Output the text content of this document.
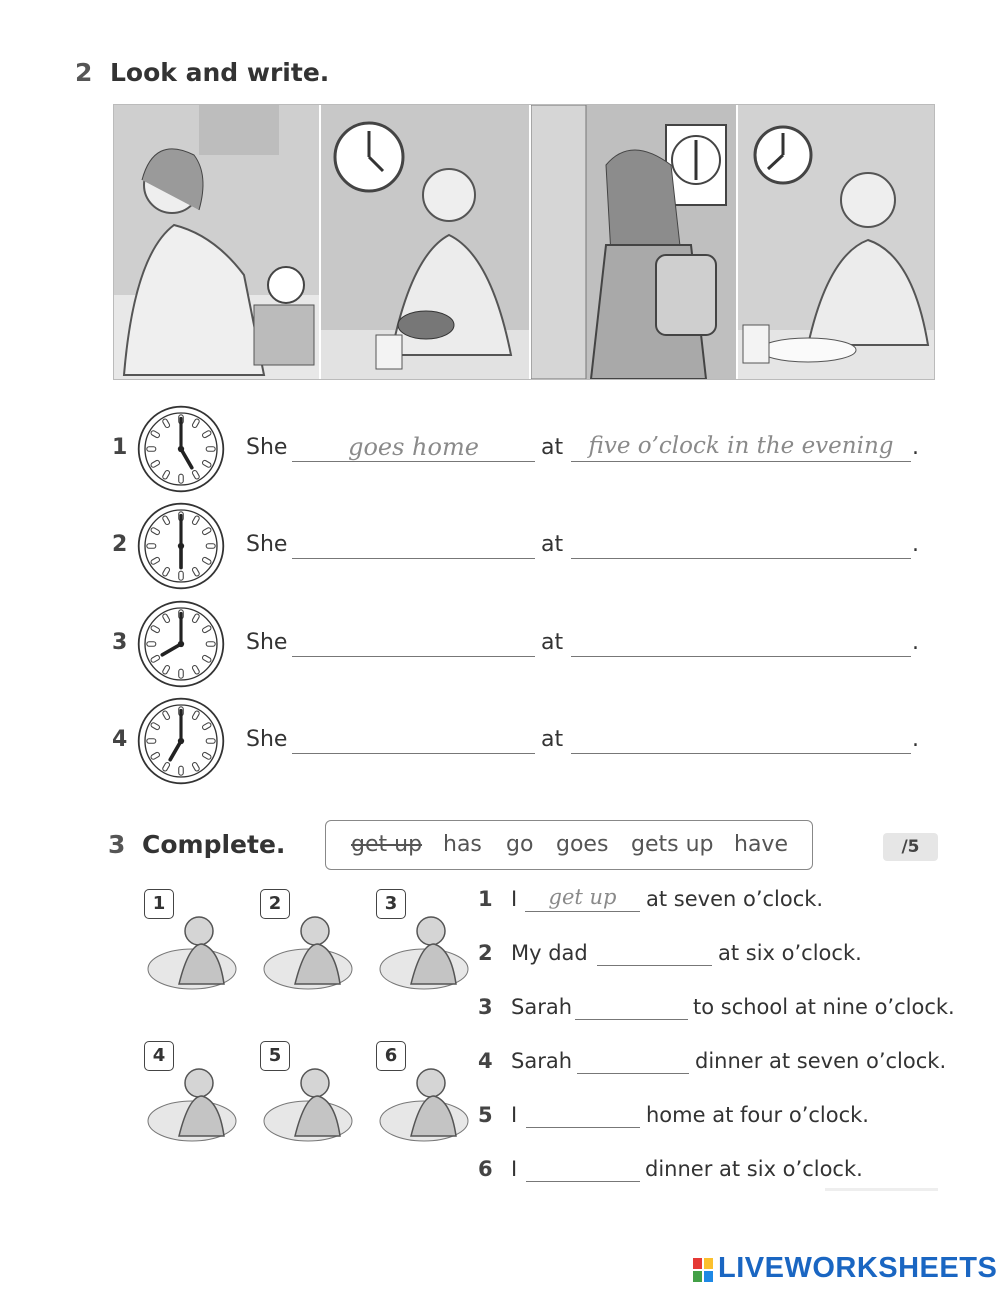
2 Look and write.
1	She	goes home	at	five o’clock in the evening .
2	She	at	.
3	She	at	.
4	She	at	.
3 Complete.	get up has go goes gets up have	/5
1	2	3
4	5	6
1 I	get up	at seven o’clock.
2 My dad	at six o’clock.
3 Sarah	to school at nine o’clock.
4 Sarah	dinner at seven o’clock.
5 I	home at four o’clock.
6 I	dinner at six o’clock.
LIVEWORKSHEETS
